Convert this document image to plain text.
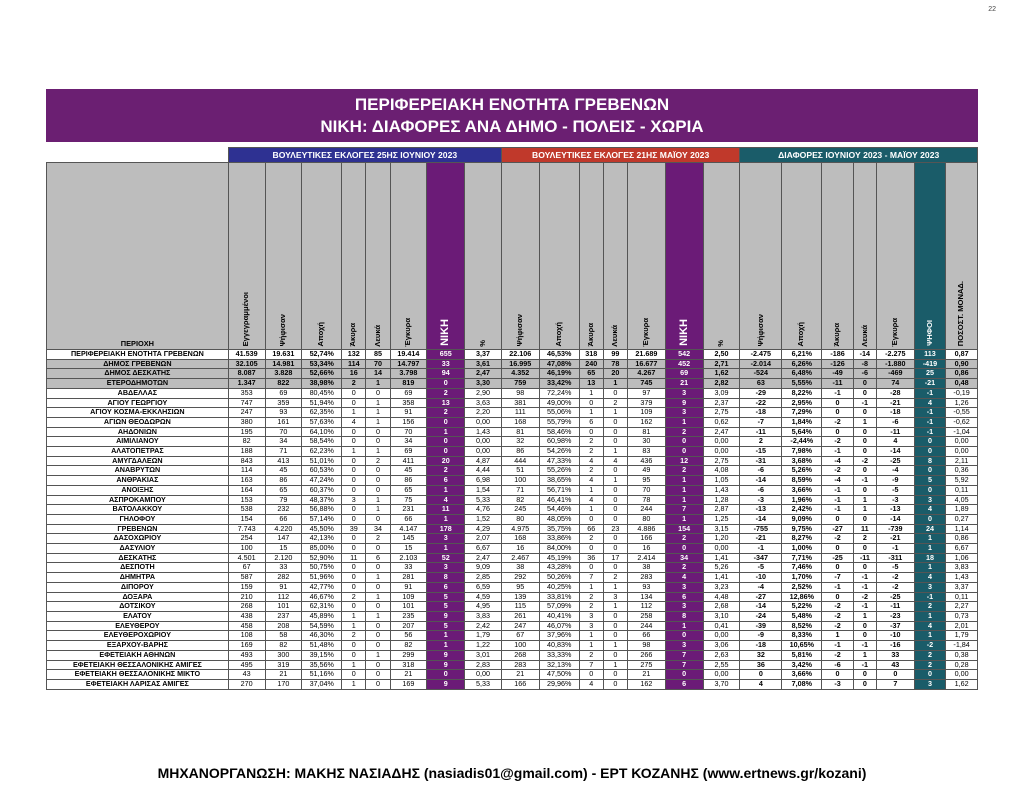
22
ΠΕΡΙΦΕΡΕΙΑΚΗ ΕΝΟΤΗΤΑ ΓΡΕΒΕΝΩΝ
ΝΙΚΗ: ΔΙΑΦΟΡΕΣ ΑΝΑ ΔΗΜΟ - ΠΟΛΕΙΣ - ΧΩΡΙΑ
	ΒΟΥΛΕΥΤΙΚΕΣ ΕΚΛΟΓΕΣ 25ΗΣ ΙΟΥΝΙΟΥ 2023								ΒΟΥΛΕΥΤΙΚΕΣ ΕΚΛΟΓΕΣ 21ΗΣ ΜΑΪΟΥ 2023							ΔΙΑΦΟΡΕΣ ΙΟΥΝΙΟΥ 2023 - ΜΑΪΟΥ 2023						
ΠΕΡΙΟΧΗ	Εγγεγραμμένοι	Ψήφισαν	Αποχή	Άκυρα	Λευκά	Έγκυρα	ΝΙΚΗ	%	Ψήφισαν	Αποχή	Άκυρα	Λευκά	Έγκυρα	ΝΙΚΗ	%	Ψήφισαν	Αποχή	Άκυρα	Λευκά	Έγκυρα	ΨΗΦΟΙ	ΠΟΣΟΣΤ. ΜΟΝΑΔ.
ΠΕΡΙΦΕΡΕΙΑΚΗ ΕΝΟΤΗΤΑ ΓΡΕΒΕΝΩΝ	41.539	19.631	52,74%	132	85	19.414	655	3,37	22.106	46,53%	318	99	21.689	542	2,50	-2.475	6,21%	-186	-14	-2.275	113	0,87
ΔΗΜΟΣ ΓΡΕΒΕΝΩΝ	32.105	14.981	53,34%	114	70	14.797	33	3,61	16.995	47,08%	240	78	16.677	452	2,71	-2.014	6,26%	-126	-8	-1.880	-419	0,90
ΔΗΜΟΣ ΔΕΣΚΑΤΗΣ	8.087	3.828	52,66%	16	14	3.798	94	2,47	4.352	46,19%	65	20	4.267	69	1,62	-524	6,48%	-49	-6	-469	25	0,86
ΕΤΕΡΟΔΗΜΟΤΩΝ	1.347	822	38,98%	2	1	819	0	3,30	759	33,42%	13	1	745	21	2,82	63	5,55%	-11	0	74	-21	0,48
ΑΒΔΕΛΛΑΣ	353	69	80,45%	0	0	69	2	2,90	98	72,24%	1	0	97	3	3,09	-29	8,22%	-1	0	-28	-1	-0,19
ΑΓΙΟΥ ΓΕΩΡΓΙΟΥ	747	359	51,94%	0	1	358	13	3,63	381	49,00%	0	2	379	9	2,37	-22	2,95%	0	-1	-21	4	1,26
ΑΓΙΟΥ ΚΟΣΜΑ-ΕΚΚΛΗΣΙΩΝ	247	93	62,35%	1	1	91	2	2,20	111	55,06%	1	1	109	3	2,75	-18	7,29%	0	0	-18	-1	-0,55
ΑΓΙΩΝ ΘΕΟΔΩΡΩΝ	380	161	57,63%	4	1	156	0	0,00	168	55,79%	6	0	162	1	0,62	-7	1,84%	-2	1	-6	-1	-0,62
ΑΗΔΟΝΙΩΝ	195	70	64,10%	0	0	70	1	1,43	81	58,46%	0	0	81	2	2,47	-11	5,64%	0	0	-11	-1	-1,04
ΑΙΜΙΛΙΑΝΟΥ	82	34	58,54%	0	0	34	0	0,00	32	60,98%	2	0	30	0	0,00	2	-2,44%	-2	0	4	0	0,00
ΑΛΑΤΟΠΕΤΡΑΣ	188	71	62,23%	1	1	69	0	0,00	86	54,26%	2	1	83	0	0,00	-15	7,98%	-1	0	-14	0	0,00
ΑΜΥΓΔΑΛΕΩΝ	843	413	51,01%	0	2	411	20	4,87	444	47,33%	4	4	436	12	2,75	-31	3,68%	-4	-2	-25	8	2,11
ΑΝΑΒΡΥΤΩΝ	114	45	60,53%	0	0	45	2	4,44	51	55,26%	2	0	49	2	4,08	-6	5,26%	-2	0	-4	0	0,36
ΑΝΘΡΑΚΙΑΣ	163	86	47,24%	0	0	86	6	6,98	100	38,65%	4	1	95	1	1,05	-14	8,59%	-4	-1	-9	5	5,92
ΑΝΟΙΞΗΣ	164	65	60,37%	0	0	65	1	1,54	71	56,71%	1	0	70	1	1,43	-6	3,66%	-1	0	-5	0	0,11
ΑΣΠΡΟΚΑΜΠΟΥ	153	79	48,37%	3	1	75	4	5,33	82	46,41%	4	0	78	1	1,28	-3	1,96%	-1	1	-3	3	4,05
ΒΑΤΟΛΑΚΚΟΥ	538	232	56,88%	0	1	231	11	4,76	245	54,46%	1	0	244	7	2,87	-13	2,42%	-1	1	-13	4	1,89
ΓΗΛΟΦΟΥ	154	66	57,14%	0	0	66	1	1,52	80	48,05%	0	0	80	1	1,25	-14	9,09%	0	0	-14	0	0,27
ΓΡΕΒΕΝΩΝ	7.743	4.220	45,50%	39	34	4.147	178	4,29	4.975	35,75%	66	23	4.886	154	3,15	-755	9,75%	-27	11	-739	24	1,14
ΔΑΣΟΧΩΡΙΟΥ	254	147	42,13%	0	2	145	3	2,07	168	33,86%	2	0	166	2	1,20	-21	8,27%	-2	2	-21	1	0,86
ΔΑΣΥΛΙΟΥ	100	15	85,00%	0	0	15	1	6,67	16	84,00%	0	0	16	0	0,00	-1	1,00%	0	0	-1	1	6,67
ΔΕΣΚΑΤΗΣ	4.501	2.120	52,90%	11	6	2.103	52	2,47	2.467	45,19%	36	17	2.414	34	1,41	-347	7,71%	-25	-11	-311	18	1,06
ΔΕΣΠΟΤΗ	67	33	50,75%	0	0	33	3	9,09	38	43,28%	0	0	38	2	5,26	-5	7,46%	0	0	-5	1	3,83
ΔΗΜΗΤΡΑ	587	282	51,96%	0	1	281	8	2,85	292	50,26%	7	2	283	4	1,41	-10	1,70%	-7	-1	-2	4	1,43
ΔΙΠΟΡΟΥ	159	91	42,77%	0	0	91	6	6,59	95	40,25%	1	1	93	3	3,23	-4	2,52%	-1	-1	-2	3	3,37
ΔΟΞΑΡΑ	210	112	46,67%	2	1	109	5	4,59	139	33,81%	2	3	134	6	4,48	-27	12,86%	0	-2	-25	-1	0,11
ΔΟΤΣΙΚΟΥ	268	101	62,31%	0	0	101	5	4,95	115	57,09%	2	1	112	3	2,68	-14	5,22%	-2	-1	-11	2	2,27
ΕΛΑΤΟΥ	438	237	45,89%	1	1	235	9	3,83	261	40,41%	3	0	258	8	3,10	-24	5,48%	-2	1	-23	1	0,73
ΕΛΕΥΘΕΡΟΥ	458	208	54,59%	1	0	207	5	2,42	247	46,07%	3	0	244	1	0,41	-39	8,52%	-2	0	-37	4	2,01
ΕΛΕΥΘΕΡΟΧΩΡΙΟΥ	108	58	46,30%	2	0	56	1	1,79	67	37,96%	1	0	66	0	0,00	-9	8,33%	1	0	-10	1	1,79
ΕΞΑΡΧΟΥ-ΒΑΡΗΣ	169	82	51,48%	0	0	82	1	1,22	100	40,83%	1	1	98	3	3,06	-18	10,65%	-1	-1	-16	-2	-1,84
ΕΦΕΤΕΙΑΚΗ ΑΘΗΝΩΝ	493	300	39,15%	0	1	299	9	3,01	268	33,33%	2	0	266	7	2,63	32	5,81%	-2	1	33	2	0,38
ΕΦΕΤΕΙΑΚΗ ΘΕΣΣΑΛΟΝΙΚΗΣ ΑΜΙΓΕΣ	495	319	35,56%	1	0	318	9	2,83	283	32,13%	7	1	275	7	2,55	36	3,42%	-6	-1	43	2	0,28
ΕΦΕΤΕΙΑΚΗ ΘΕΣΣΑΛΟΝΙΚΗΣ ΜΙΚΤΟ	43	21	51,16%	0	0	21	0	0,00	21	47,50%	0	0	21	0	0,00	0	3,66%	0	0	0	0	0,00
ΕΦΕΤΕΙΑΚΗ ΛΑΡΙΣΑΣ ΑΜΙΓΕΣ	270	170	37,04%	1	0	169	9	5,33	166	29,96%	4	0	162	6	3,70	4	7,08%	-3	0	7	3	1,62
ΜΗΧΑΝΟΡΓΑΝΩΣΗ: ΜΑΚΗΣ ΝΑΣΙΑΔΗΣ (nasiadis01@gmail.com) - ΕΡΤ ΚΟΖΑΝΗΣ (www.ertnews.gr/kozani)
